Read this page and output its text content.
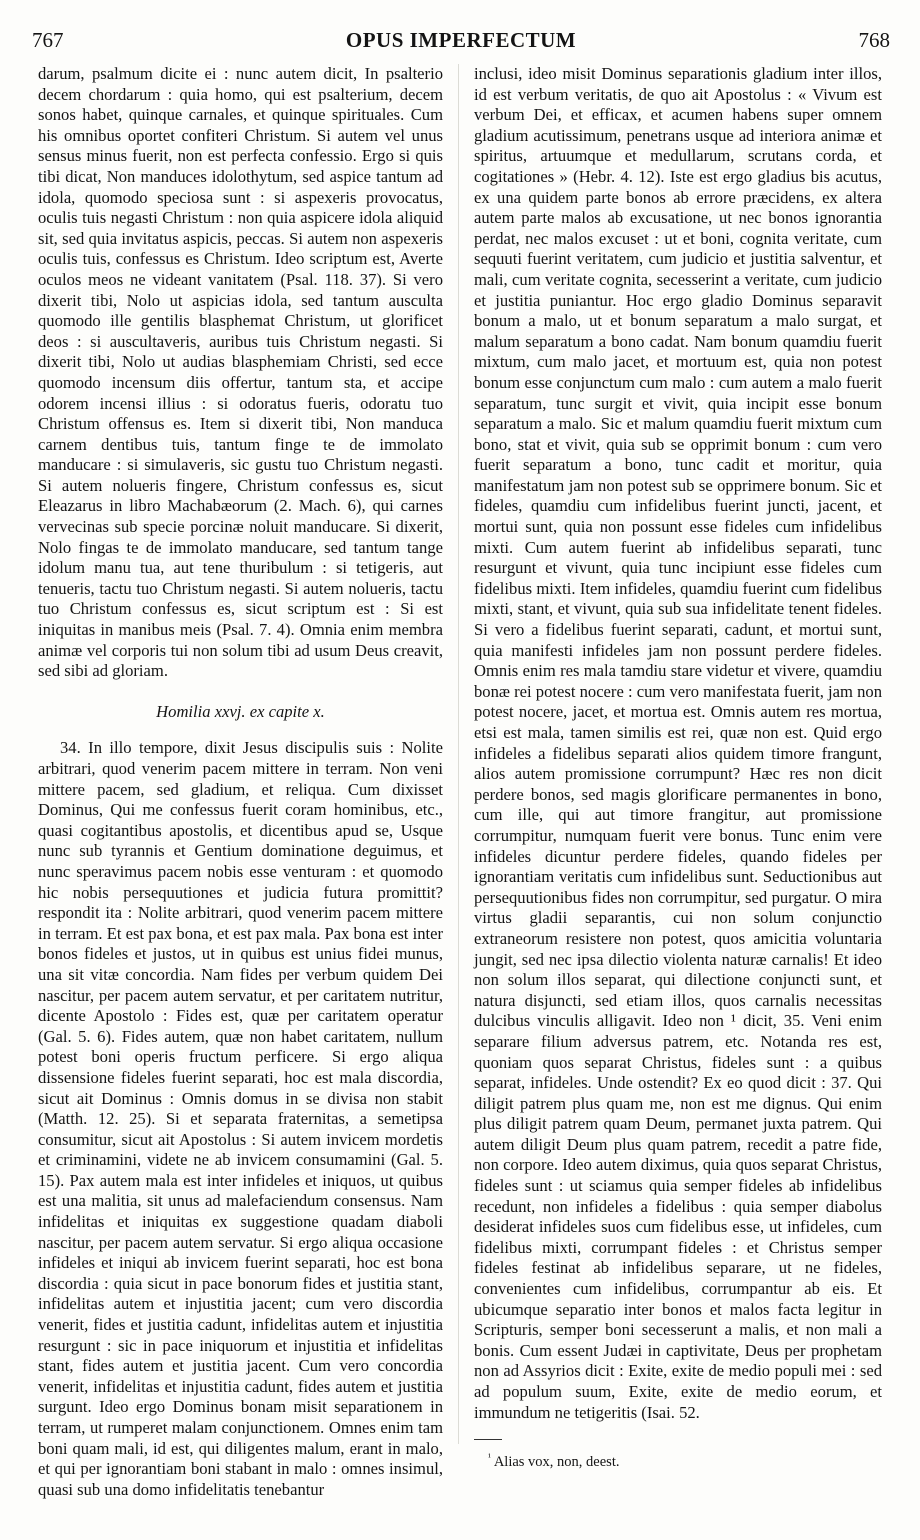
767	OPUS IMPERFECTUM	768

darum, psalmum dicite ei : nunc autem dicit, In psalterio decem chordarum : quia homo, qui est psalterium, decem sonos habet, quinque carnales, et quinque spirituales. Cum his omnibus oportet confiteri Christum. Si autem vel unus sensus minus fuerit, non est perfecta confessio. Ergo si quis tibi dicat, Non manduces idolothytum, sed aspice tantum ad idola, quomodo speciosa sunt : si aspexeris provocatus, oculis tuis negasti Christum : non quia aspicere idola aliquid sit, sed quia invitatus aspicis, peccas. Si autem non aspexeris oculis tuis, confessus es Christum. Ideo scriptum est, Averte oculos meos ne videant vanitatem (Psal. 118. 37). Si vero dixerit tibi, Nolo ut aspicias idola, sed tantum ausculta quomodo ille gentilis blasphemat Christum, ut glorificet deos : si auscultaveris, auribus tuis Christum negasti. Si dixerit tibi, Nolo ut audias blasphemiam Christi, sed ecce quomodo incensum diis offertur, tantum sta, et accipe odorem incensi illius : si odoratus fueris, odoratu tuo Christum offensus es. Item si dixerit tibi, Non manduca carnem dentibus tuis, tantum finge te de immolato manducare : si simulaveris, sic gustu tuo Christum negasti. Si autem nolueris fingere, Christum confessus es, sicut Eleazarus in libro Machabæorum (2. Mach. 6), qui carnes vervecinas sub specie porcinæ noluit manducare. Si dixerit, Nolo fingas te de immolato manducare, sed tantum tange idolum manu tua, aut tene thuribulum : si tetigeris, aut tenueris, tactu tuo Christum negasti. Si autem nolueris, tactu tuo Christum confessus es, sicut scriptum est : Si est iniquitas in manibus meis (Psal. 7. 4). Omnia enim membra animæ vel corporis tui non solum tibi ad usum Deus creavit, sed sibi ad gloriam.

Homilia xxvj. ex capite x.

34. In illo tempore, dixit Jesus discipulis suis : Nolite arbitrari, quod venerim pacem mittere in terram. Non veni mittere pacem, sed gladium, et reliqua. Cum dixisset Dominus, Qui me confessus fuerit coram hominibus, etc., quasi cogitantibus apostolis, et dicentibus apud se, Usque nunc sub tyrannis et Gentium dominatione deguimus, et nunc speravimus pacem nobis esse venturam : et quomodo hic nobis persequutiones et judicia futura promittit? respondit ita : Nolite arbitrari, quod venerim pacem mittere in terram. Et est pax bona, et est pax mala. Pax bona est inter bonos fideles et justos, ut in quibus est unius fidei munus, una sit vitæ concordia. Nam fides per verbum quidem Dei nascitur, per pacem autem servatur, et per caritatem nutritur, dicente Apostolo : Fides est, quæ per caritatem operatur (Gal. 5. 6). Fides autem, quæ non habet caritatem, nullum potest boni operis fructum perficere. Si ergo aliqua dissensione fideles fuerint separati, hoc est mala discordia, sicut ait Dominus : Omnis domus in se divisa non stabit (Matth. 12. 25). Si et separata fraternitas, a semetipsa consumitur, sicut ait Apostolus : Si autem invicem mordetis et criminamini, videte ne ab invicem consumamini (Gal. 5. 15). Pax autem mala est inter infideles et iniquos, ut quibus est una malitia, sit unus ad malefaciendum consensus. Nam infidelitas et iniquitas ex suggestione quadam diaboli nascitur, per pacem autem servatur. Si ergo aliqua occasione infideles et iniqui ab invicem fuerint separati, hoc est bona discordia : quia sicut in pace bonorum fides et justitia stant, infidelitas autem et injustitia jacent; cum vero discordia venerit, fides et justitia cadunt, infidelitas autem et injustitia resurgunt : sic in pace iniquorum et injustitia et infidelitas stant, fides autem et justitia jacent. Cum vero concordia venerit, infidelitas et injustitia cadunt, fides autem et justitia surgunt. Ideo ergo Dominus bonam misit separationem in terram, ut rumperet malam conjunctionem. Omnes enim tam boni quam mali, id est, qui diligentes malum, erant in malo, et qui per ignorantiam boni stabant in malo : omnes insimul, quasi sub una domo infidelitatis tenebantur

inclusi, ideo misit Dominus separationis gladium inter illos, id est verbum veritatis, de quo ait Apostolus : « Vivum est verbum Dei, et efficax, et acumen habens super omnem gladium acutissimum, penetrans usque ad interiora animæ et spiritus, artuumque et medullarum, scrutans corda, et cogitationes » (Hebr. 4. 12). Iste est ergo gladius bis acutus, ex una quidem parte bonos ab errore præcidens, ex altera autem parte malos ab excusatione, ut nec bonos ignorantia perdat, nec malos excuset : ut et boni, cognita veritate, cum sequuti fuerint veritatem, cum judicio et justitia salventur, et mali, cum veritate cognita, secesserint a veritate, cum judicio et justitia puniantur. Hoc ergo gladio Dominus separavit bonum a malo, ut et bonum separatum a malo surgat, et malum separatum a bono cadat. Nam bonum quamdiu fuerit mixtum, cum malo jacet, et mortuum est, quia non potest bonum esse conjunctum cum malo : cum autem a malo fuerit separatum, tunc surgit et vivit, quia incipit esse bonum separatum a malo. Sic et malum quamdiu fuerit mixtum cum bono, stat et vivit, quia sub se opprimit bonum : cum vero fuerit separatum a bono, tunc cadit et moritur, quia manifestatum jam non potest sub se opprimere bonum. Sic et fideles, quamdiu cum infidelibus fuerint juncti, jacent, et mortui sunt, quia non possunt esse fideles cum infidelibus mixti. Cum autem fuerint ab infidelibus separati, tunc resurgunt et vivunt, quia tunc incipiunt esse fideles cum fidelibus mixti. Item infideles, quamdiu fuerint cum fidelibus mixti, stant, et vivunt, quia sub sua infidelitate tenent fideles. Si vero a fidelibus fuerint separati, cadunt, et mortui sunt, quia manifesti infideles jam non possunt perdere fideles. Omnis enim res mala tamdiu stare videtur et vivere, quamdiu bonæ rei potest nocere : cum vero manifestata fuerit, jam non potest nocere, jacet, et mortua est. Omnis autem res mortua, etsi est mala, tamen similis est rei, quæ non est. Quid ergo infideles a fidelibus separati alios quidem timore frangunt, alios autem promissione corrumpunt? Hæc res non dicit perdere bonos, sed magis glorificare permanentes in bono, cum ille, qui aut timore frangitur, aut promissione corrumpitur, numquam fuerit vere bonus. Tunc enim vere infideles dicuntur perdere fideles, quando fideles per ignorantiam veritatis cum infidelibus sunt. Seductionibus aut persequutionibus fides non corrumpitur, sed purgatur. O mira virtus gladii separantis, cui non solum conjunctio extraneorum resistere non potest, quos amicitia voluntaria jungit, sed nec ipsa dilectio violenta naturæ carnalis! Et ideo non solum illos separat, qui dilectione conjuncti sunt, et natura disjuncti, sed etiam illos, quos carnalis necessitas dulcibus vinculis alligavit. Ideo non ¹ dicit, 35. Veni enim separare filium adversus patrem, etc. Notanda res est, quoniam quos separat Christus, fideles sunt : a quibus separat, infideles. Unde ostendit? Ex eo quod dicit : 37. Qui diligit patrem plus quam me, non est me dignus. Qui enim plus diligit patrem quam Deum, permanet juxta patrem. Qui autem diligit Deum plus quam patrem, recedit a patre fide, non corpore. Ideo autem diximus, quia quos separat Christus, fideles sunt : ut sciamus quia semper fideles ab infidelibus recedunt, non infideles a fidelibus : quia semper diabolus desiderat infideles suos cum fidelibus esse, ut infideles, cum fidelibus mixti, corrumpant fideles : et Christus semper fideles festinat ab infidelibus separare, ut ne fideles, convenientes cum infidelibus, corrumpantur ab eis. Et ubicumque separatio inter bonos et malos facta legitur in Scripturis, semper boni secesserunt a malis, et non mali a bonis. Cum essent Judæi in captivitate, Deus per prophetam non ad Assyrios dicit : Exite, exite de medio populi mei : sed ad populum suum, Exite, exite de medio eorum, et immundum ne tetigeritis (Isai. 52.

$^{^1}$ Alias vox, non, deest.
